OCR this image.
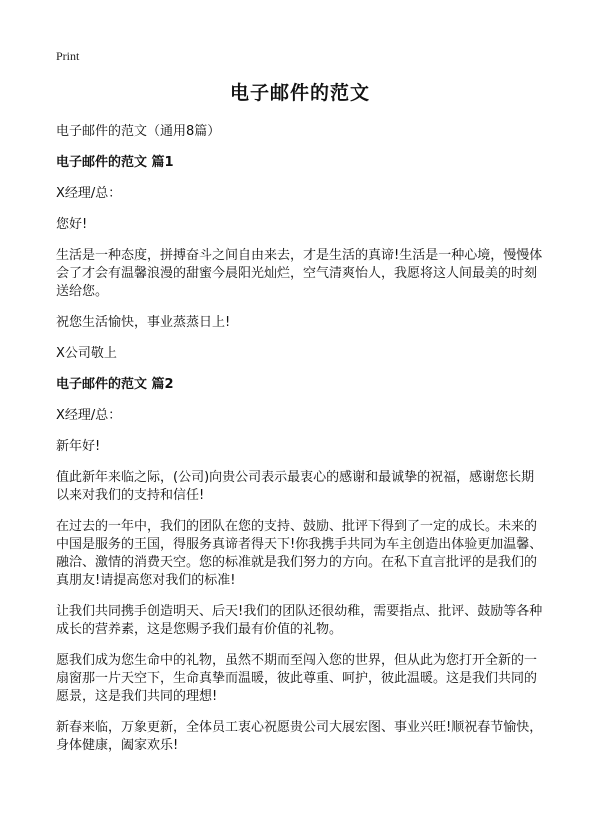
Print
电子邮件的范文

电子邮件的范文（通用8篇）

电子邮件的范文 篇1

X经理/总：

您好!

生活是一种态度，拼搏奋斗之间自由来去，才是生活的真谛!生活是一种心境，慢慢体会了才会有温馨浪漫的甜蜜今晨阳光灿烂，空气清爽怡人，我愿将这人间最美的时刻送给您。

祝您生活愉快，事业蒸蒸日上!

X公司敬上

电子邮件的范文 篇2

X经理/总：

新年好!

值此新年来临之际，(公司)向贵公司表示最衷心的感谢和最诚挚的祝福，感谢您长期以来对我们的支持和信任!

在过去的一年中，我们的团队在您的支持、鼓励、批评下得到了一定的成长。未来的中国是服务的王国，得服务真谛者得天下!你我携手共同为车主创造出体验更加温馨、融洽、激情的消费天空。您的标准就是我们努力的方向。在私下直言批评的是我们的真朋友!请提高您对我们的标准!

让我们共同携手创造明天、后天!我们的团队还很幼稚，需要指点、批评、鼓励等各种成长的营养素，这是您赐予我们最有价值的礼物。

愿我们成为您生命中的礼物，虽然不期而至闯入您的世界，但从此为您打开全新的一扇窗那一片天空下，生命真挚而温暖，彼此尊重、呵护，彼此温暖。这是我们共同的愿景，这是我们共同的理想!

新春来临，万象更新，全体员工衷心祝愿贵公司大展宏图、事业兴旺!顺祝春节愉快，身体健康，阖家欢乐!
